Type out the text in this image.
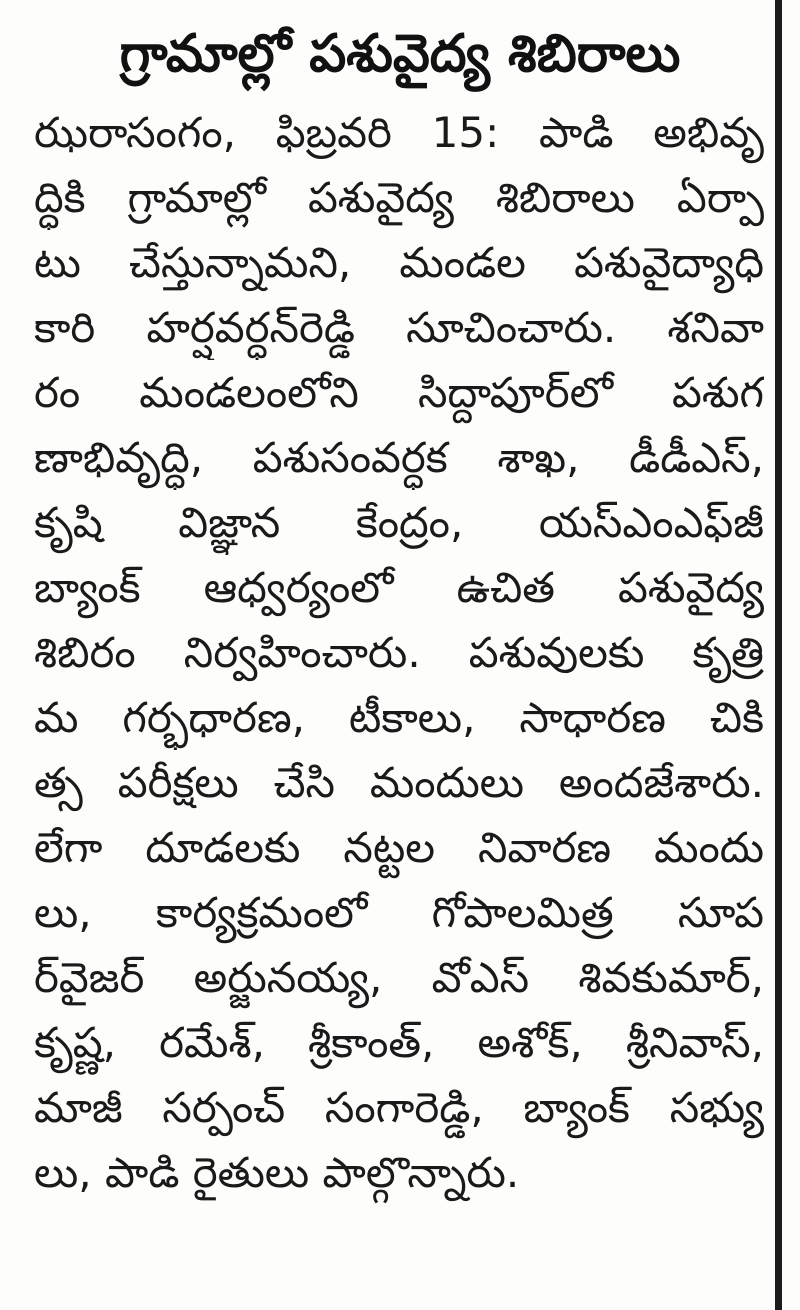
గ్రామాల్లో పశువైద్య శిబిరాలు
ఝరాసంగం, ఫిబ్రవరి 15: పాడి అభివృ
ద్ధికి గ్రామాల్లో పశువైద్య శిబిరాలు ఏర్పా
టు చేస్తున్నామని, మండల పశువైద్యాధి
కారి హర్షవర్ధన్‌రెడ్డి సూచించారు. శనివా
రం మండలంలోని సిద్దాపూర్‌లో పశుగ
ణాభివృద్ధి, పశుసంవర్ధక శాఖ, డీడీఎస్,
కృషి విజ్ఞాన కేంద్రం, యస్‌ఎంఎఫ్‌జీ
బ్యాంక్ ఆధ్వర్యంలో ఉచిత పశువైద్య
శిబిరం నిర్వహించారు. పశువులకు కృత్రి
మ గర్భధారణ, టీకాలు, సాధారణ చికి
త్స పరీక్షలు చేసి మందులు అందజేశారు.
లేగా దూడలకు నట్టల నివారణ మందు
లు, కార్యక్రమంలో గోపాలమిత్ర సూప
ర్‌వైజర్ అర్జునయ్య, వోఎస్ శివకుమార్,
కృష్ణ, రమేశ్, శ్రీకాంత్, అశోక్, శ్రీనివాస్,
మాజీ సర్పంచ్ సంగారెడ్డి, బ్యాంక్ సభ్యు
లు, పాడి రైతులు పాల్గొన్నారు.
